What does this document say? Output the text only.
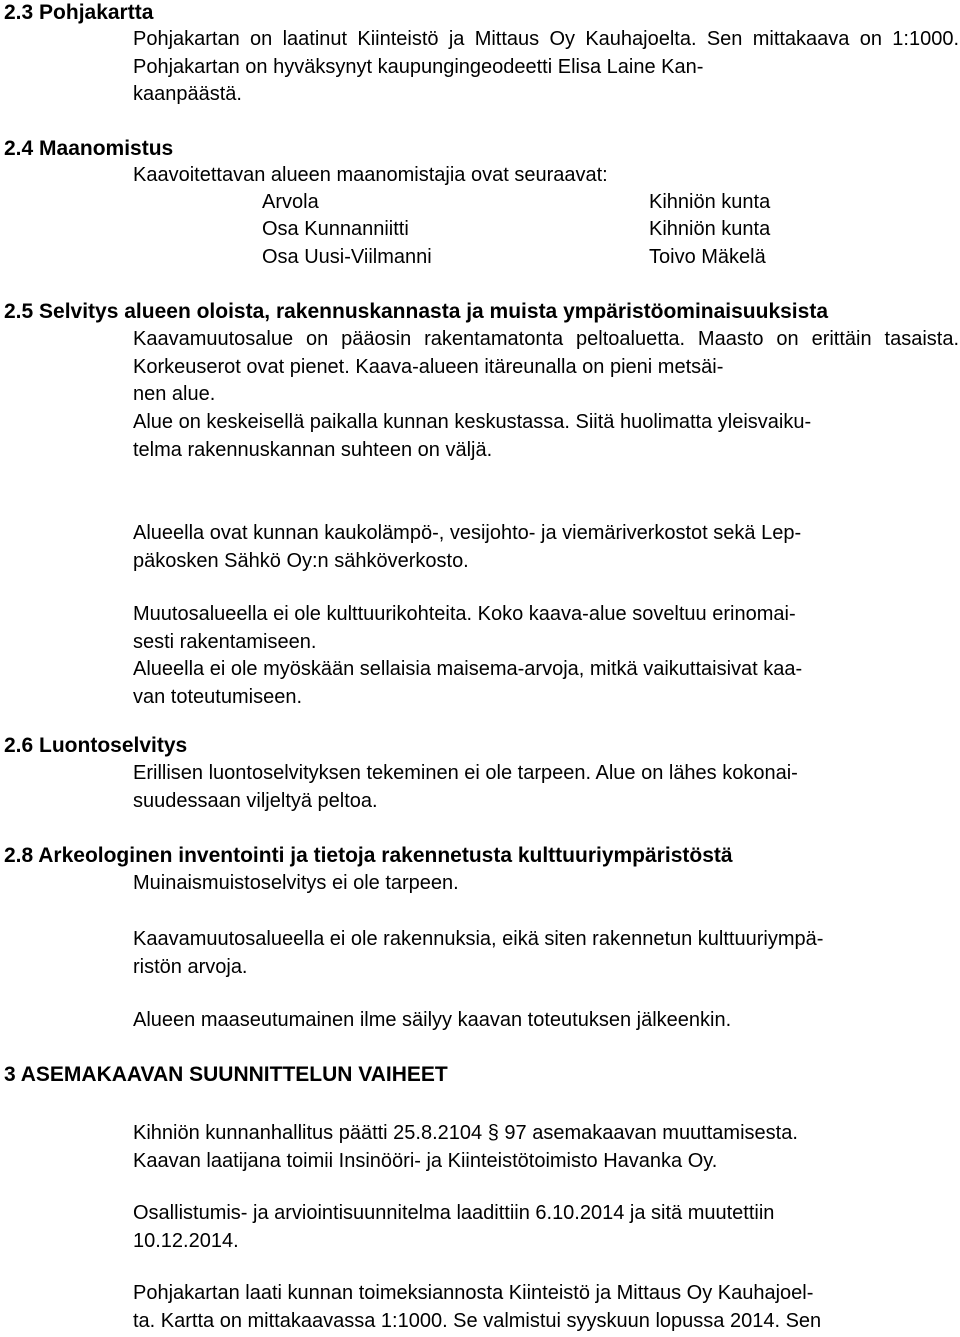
2.3 Pohjakartta
Pohjakartan on laatinut Kiinteistö ja Mittaus Oy Kauhajoelta. Sen mittakaava on 1:1000. Pohjakartan on hyväksynyt kaupungingeodeetti Elisa Laine Kan-
kaanpäästä.
2.4 Maanomistus
Kaavoitettavan alueen maanomistajia ovat seuraavat:
Arvola	Kihniön kunta
Osa Kunnanniitti	Kihniön kunta
Osa Uusi-Viilmanni	Toivo Mäkelä
2.5 Selvitys alueen oloista, rakennuskannasta ja muista ympäristöominaisuuksista
Kaavamuutosalue on pääosin rakentamatonta peltoaluetta. Maasto on erittäin tasaista. Korkeuserot ovat pienet. Kaava-alueen itäreunalla on pieni metsäi-
nen alue.
Alue on keskeisellä paikalla kunnan keskustassa. Siitä huolimatta yleisvaiku-
telma rakennuskannan suhteen on väljä.
Alueella ovat kunnan kaukolämpö-, vesijohto- ja viemäriverkostot sekä Lep-
päkosken Sähkö Oy:n sähköverkosto.
Muutosalueella ei ole kulttuurikohteita. Koko kaava-alue soveltuu erinomai-
sesti rakentamiseen.
Alueella ei ole myöskään sellaisia maisema-arvoja, mitkä vaikuttaisivat kaa-
van toteutumiseen.
2.6 Luontoselvitys
Erillisen luontoselvityksen tekeminen ei ole tarpeen. Alue on lähes kokonai-
suudessaan viljeltyä peltoa.
2.8 Arkeologinen inventointi ja tietoja rakennetusta kulttuuriympäristöstä
Muinaismuistoselvitys ei ole tarpeen.
Kaavamuutosalueella ei ole rakennuksia, eikä siten rakennetun kulttuuriympä-
ristön arvoja.
Alueen maaseutumainen ilme säilyy kaavan toteutuksen jälkeenkin.
3 ASEMAKAAVAN SUUNNITTELUN VAIHEET
Kihniön kunnanhallitus päätti 25.8.2104 § 97 asemakaavan muuttamisesta.
Kaavan laatijana toimii Insinööri- ja Kiinteistötoimisto Havanka Oy.
Osallistumis- ja arviointisuunnitelma laadittiin 6.10.2014 ja sitä muutettiin
10.12.2014.
Pohjakartan laati kunnan toimeksiannosta Kiinteistö ja Mittaus Oy Kauhajoel-
ta. Kartta on mittakaavassa 1:1000. Se valmistui syyskuun lopussa 2014. Sen
